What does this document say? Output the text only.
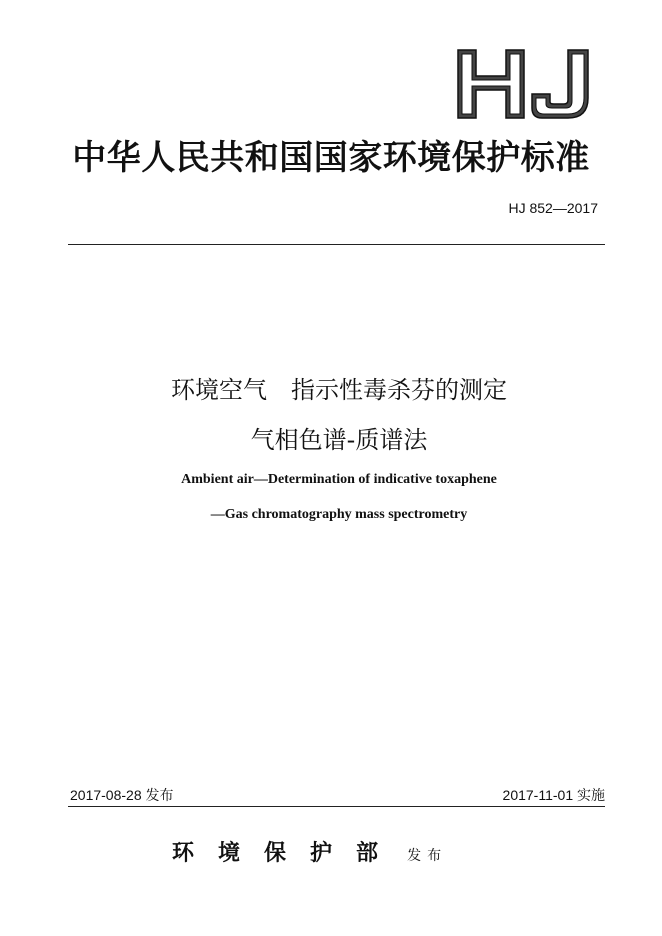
中华人民共和国国家环境保护标准
HJ 852—2017
环境空气　指示性毒杀芬的测定
气相色谱-质谱法
Ambient air—Determination of indicative toxaphene
—Gas chromatography mass spectrometry
2017-08-28 发布	2017-11-01 实施
环境保护部 发布
